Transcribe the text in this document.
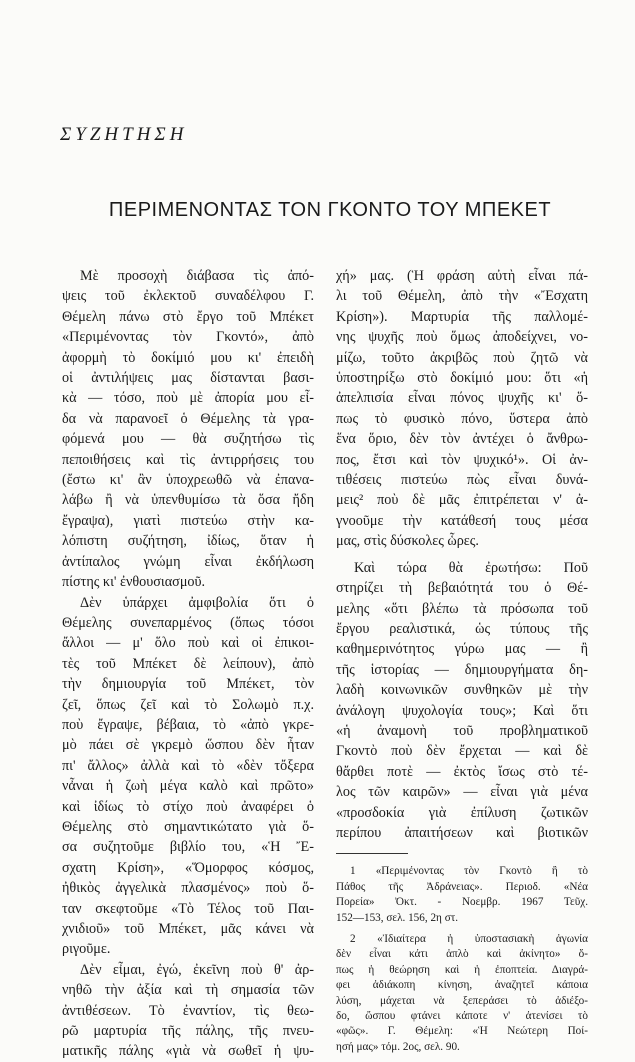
ΣΥΖΗΤΗΣΗ
ΠΕΡΙΜΕΝΟΝΤΑΣ ΤΟΝ ΓΚΟΝΤΟ ΤΟΥ ΜΠΕΚΕΤ
Μὲ προσοχὴ διάβασα τὶς ἀπό-
ψεις τοῦ ἐκλεκτοῦ συναδέλφου Γ.
Θέμελη πάνω στὸ ἔργο τοῦ Μπέκετ
«Περιμένοντας τὸν Γκοντό», ἀπὸ
ἀφορμὴ τὸ δοκίμιό μου κι' ἐπειδὴ
οἱ ἀντιλήψεις μας δίστανται βασι-
κὰ — τόσο, ποὺ μὲ ἀπορία μου εἶ-
δα νὰ παρανοεῖ ὁ Θέμελης τὰ γρα-
φόμενά μου — θὰ συζητήσω τὶς
πεποιθήσεις καὶ τὶς ἀντιρρήσεις του
(ἔστω κι' ἂν ὑποχρεωθῶ νὰ ἐπανα-
λάβω ἢ νὰ ὑπενθυμίσω τὰ ὅσα ἤδη
ἔγραψα), γιατὶ πιστεύω στὴν κα-
λόπιστη συζήτηση, ἰδίως, ὅταν ἡ
ἀντίπαλος γνώμη εἶναι ἐκδήλωση
πίστης κι' ἐνθουσιασμοῦ.
Δὲν ὑπάρχει ἀμφιβολία ὅτι ὁ
Θέμελης συνεπαρμένος (ὅπως τόσοι
ἄλλοι — μ' ὅλο ποὺ καὶ οἱ ἐπικοι-
τὲς τοῦ Μπέκετ δὲ λείπουν), ἀπὸ
τὴν δημιουργία τοῦ Μπέκετ, τὸν
ζεῖ, ὅπως ζεῖ καὶ τὸ Σολωμὸ π.χ.
ποὺ ἔγραψε, βέβαια, τὸ «ἀπὸ γκρε-
μὸ πάει σὲ γκρεμὸ ὥσπου δὲν ἦταν
πι' ἄλλος» ἀλλὰ καὶ τὸ «δὲν τὄξερα
νἆναι ἡ ζωὴ μέγα καλὸ καὶ πρῶτο»
καὶ ἰδίως τὸ στίχο ποὺ ἀναφέρει ὁ
Θέμελης στὸ σημαντικώτατο γιὰ ὅ-
σα συζητοῦμε βιβλίο του, «Ἡ Ἔ-
σχατη Κρίση», «Ὅμορφος κόσμος,
ἠθικὸς ἀγγελικὰ πλασμένος» ποὺ ὅ-
ταν σκεφτοῦμε «Τὸ Τέλος τοῦ Παι-
χνιδιοῦ» τοῦ Μπέκετ, μᾶς κάνει νὰ
ριγοῦμε.
Δὲν εἶμαι, ἐγώ, ἐκεῖνη ποὺ θ' ἀρ-
νηθῶ τὴν ἀξία καὶ τὴ σημασία τῶν
ἀντιθέσεων. Τὸ ἐναντίον, τὶς θεω-
ρῶ μαρτυρία τῆς πάλης, τῆς πνευ-
ματικῆς πάλης «γιὰ νὰ σωθεῖ ἡ ψυ-
χή» μας. (Ἡ φράση αὐτὴ εἶναι πά-
λι τοῦ Θέμελη, ἀπὸ τὴν «Ἔσχατη
Κρίση»). Μαρτυρία τῆς παλλομέ-
νης ψυχῆς ποὺ ὅμως ἀποδείχνει, νο-
μίζω, τοῦτο ἀκριβῶς ποὺ ζητῶ νὰ
ὑποστηρίξω στὸ δοκίμιό μου: ὅτι «ἡ
ἀπελπισία εἶναι πόνος ψυχῆς κι' ὅ-
πως τὸ φυσικὸ πόνο, ὕστερα ἀπὸ
ἕνα ὅριο, δὲν τὸν ἀντέχει ὁ ἄνθρω-
πος, ἔτσι καὶ τὸν ψυχικό¹». Οἱ ἀν-
τιθέσεις πιστεύω πὼς εἶναι δυνά-
μεις² ποὺ δὲ μᾶς ἐπιτρέπεται ν' ἀ-
γνοοῦμε τὴν κατάθεσή τους μέσα
μας, στὶς δύσκολες ὧρες.
Καὶ τώρα θὰ ἐρωτήσω: Ποῦ
στηρίζει τὴ βεβαιότητά του ὁ Θέ-
μελης «ὅτι βλέπω τὰ πρόσωπα τοῦ
ἔργου ρεαλιστικά, ὡς τύπους τῆς
καθημερινότητος γύρω μας — ἢ
τῆς ἱστορίας — δημιουργήματα δη-
λαδὴ κοινωνικῶν συνθηκῶν μὲ τὴν
ἀνάλογη ψυχολογία τους»; Καὶ ὅτι
«ἡ ἀναμονὴ τοῦ προβληματικοῦ
Γκοντὸ ποὺ δὲν ἔρχεται — καὶ δὲ
θἄρθει ποτὲ — ἐκτὸς ἴσως στὸ τέ-
λος τῶν καιρῶν» — εἶναι γιὰ μένα
«προσδοκία γιὰ ἐπίλυση ζωτικῶν
περίπου ἀπαιτήσεων καὶ βιοτικῶν
1 «Περιμένοντας τὸν Γκοντὸ ἢ τὸ
Πάθος τῆς Ἀδράνειας». Περιοδ. «Νέα
Πορεία» Ὀκτ. - Νοεμβρ. 1967 Τεῦχ.
152—153, σελ. 156, 2η στ.
2 «Ἰδιαίτερα ἡ ὑποστασιακὴ ἀγωνία
δὲν εἶναι κάτι ἁπλὸ καὶ ἀκίνητο» ὅ-
πως ἡ θεώρηση καὶ ἡ ἐποπτεία. Διαγρά-
φει ἀδιάκοπη κίνηση, ἀναζητεῖ κάποια
λύση, μάχεται νὰ ξεπεράσει τὸ ἀδιέξο-
δο, ὥσπου φτάνει κάποτε ν' ἀτενίσει τὸ
«φῶς». Γ. Θέμελη: «Ἡ Νεώτερη Ποί-
ησή μας» τόμ. 2ος, σελ. 90.
